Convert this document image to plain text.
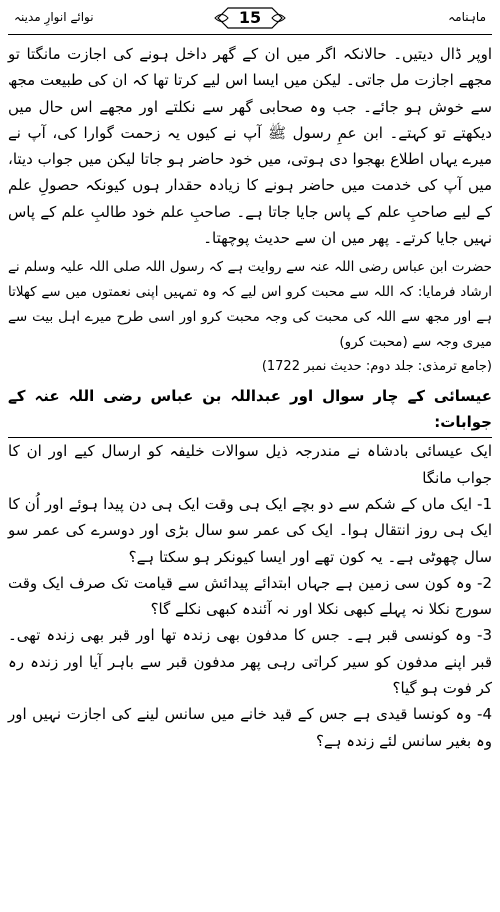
ماہنامہ
15
نوائے انوارِ مدینہ

اوپر ڈال دیتیں۔ حالانکہ اگر میں ان کے گھر داخل ہونے کی اجازت مانگتا تو مجھے اجازت مل جاتی۔ لیکن میں ایسا اس لیے کرتا تھا کہ ان کی طبیعت مجھ سے خوش ہو جائے۔ جب وہ صحابی گھر سے نکلتے اور مجھے اس حال میں دیکھتے تو کہتے۔ ابن عمِ رسول ﷺ آپ نے کیوں یہ زحمت گوارا کی، آپ نے میرے یہاں اطلاع بھجوا دی ہوتی، میں خود حاضر ہو جاتا لیکن میں جواب دیتا، میں آپ کی خدمت میں حاضر ہونے کا زیادہ حقدار ہوں کیونکہ حصولِ علم کے لیے صاحبِ علم کے پاس جایا جاتا ہے۔ صاحبِ علم خود طالبِ علم کے پاس نہیں جایا کرتے۔ پھر میں ان سے حدیث پوچھتا۔

حضرت ابن عباس رضی اللہ عنہ سے روایت ہے کہ رسول اللہ صلی اللہ علیہ وسلم نے ارشاد فرمایا: کہ اللہ سے محبت کرو اس لیے کہ وہ تمہیں اپنی نعمتوں میں سے کھلاتا ہے اور مجھ سے اللہ کی محبت کی وجہ محبت کرو اور اسی طرح میرے اہل بیت سے میری وجہ سے (محبت کرو)

(جامع ترمذی: جلد دوم: حدیث نمبر 1722)

عیسائی کے چار سوال اور عبداللہ بن عباس رضی اللہ عنہ کے جوابات:

ایک عیسائی بادشاہ نے مندرجہ ذیل سوالات خلیفہ کو ارسال کیے اور ان کا جواب مانگا

1- ایک ماں کے شکم سے دو بچے ایک ہی وقت ایک ہی دن پیدا ہوئے اور اُن کا ایک ہی روز انتقال ہوا۔ ایک کی عمر سو سال بڑی اور دوسرے کی عمر سو سال چھوٹی ہے۔ یہ کون تھے اور ایسا کیونکر ہو سکتا ہے؟

2- وہ کون سی زمین ہے جہاں ابتدائے پیدائش سے قیامت تک صرف ایک وقت سورج نکلا نہ پہلے کبھی نکلا اور نہ آئندہ کبھی نکلے گا؟

3- وہ کونسی قبر ہے۔ جس کا مدفون بھی زندہ تھا اور قبر بھی زندہ تھی۔ قبر اپنے مدفون کو سیر کراتی رہی پھر مدفون قبر سے باہر آیا اور زندہ رہ کر فوت ہو گیا؟

4- وہ کونسا قیدی ہے جس کے قید خانے میں سانس لینے کی اجازت نہیں اور وہ بغیر سانس لئے زندہ ہے؟
